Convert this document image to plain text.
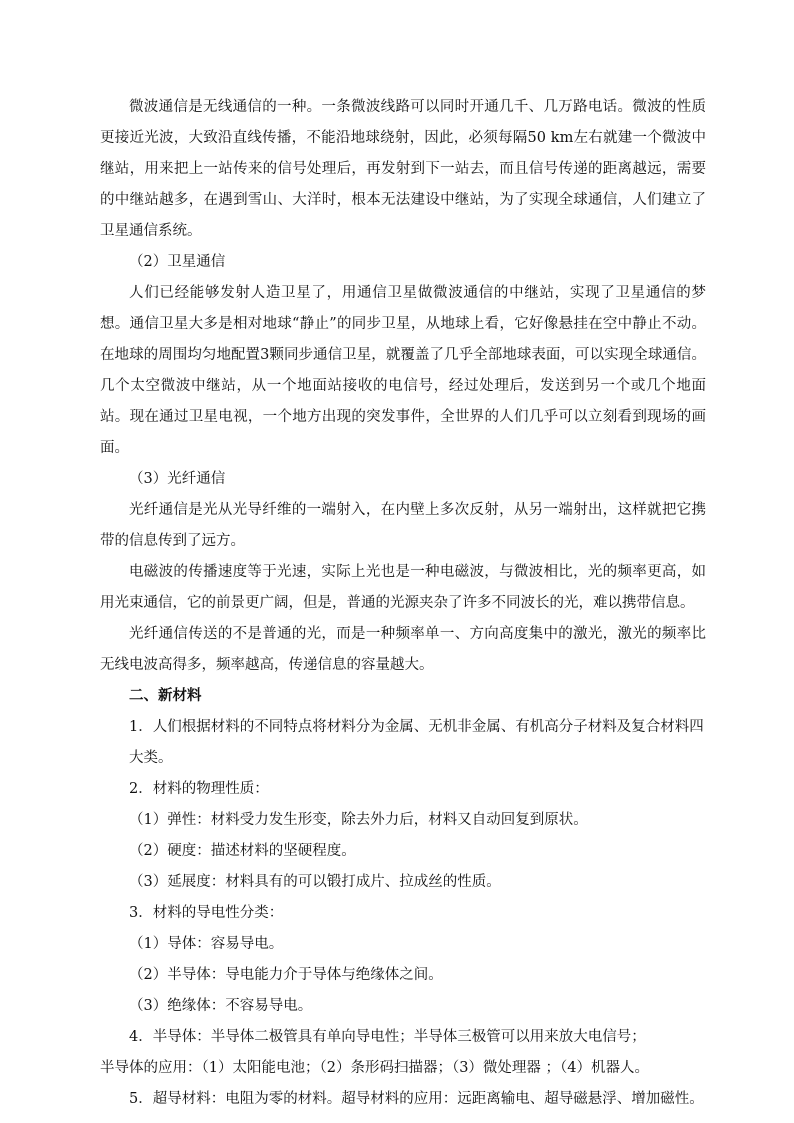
微波通信是无线通信的一种。一条微波线路可以同时开通几千、几万路电话。微波的性质更接近光波，大致沿直线传播，不能沿地球绕射，因此，必须每隔50 km左右就建一个微波中继站，用来把上一站传来的信号处理后，再发射到下一站去，而且信号传递的距离越远，需要的中继站越多，在遇到雪山、大洋时，根本无法建设中继站，为了实现全球通信，人们建立了卫星通信系统。

（2）卫星通信

人们已经能够发射人造卫星了，用通信卫星做微波通信的中继站，实现了卫星通信的梦想。通信卫星大多是相对地球“静止”的同步卫星，从地球上看，它好像悬挂在空中静止不动。在地球的周围均匀地配置3颗同步通信卫星，就覆盖了几乎全部地球表面，可以实现全球通信。几个太空微波中继站，从一个地面站接收的电信号，经过处理后，发送到另一个或几个地面站。现在通过卫星电视，一个地方出现的突发事件，全世界的人们几乎可以立刻看到现场的画面。

（3）光纤通信

光纤通信是光从光导纤维的一端射入，在内壁上多次反射，从另一端射出，这样就把它携带的信息传到了远方。

电磁波的传播速度等于光速，实际上光也是一种电磁波，与微波相比，光的频率更高，如用光束通信，它的前景更广阔，但是，普通的光源夹杂了许多不同波长的光，难以携带信息。

光纤通信传送的不是普通的光，而是一种频率单一、方向高度集中的激光，激光的频率比无线电波高得多，频率越高，传递信息的容量越大。

二、新材料

1．人们根据材料的不同特点将材料分为金属、无机非金属、有机高分子材料及复合材料四大类。

2．材料的物理性质：

（1）弹性：材料受力发生形变，除去外力后，材料又自动回复到原状。

（2）硬度：描述材料的坚硬程度。

（3）延展度：材料具有的可以锻打成片、拉成丝的性质。

3．材料的导电性分类：

（1）导体：容易导电。

（2）半导体：导电能力介于导体与绝缘体之间。

（3）绝缘体：不容易导电。

4．半导体：半导体二极管具有单向导电性；半导体三极管可以用来放大电信号；

半导体的应用：（1）太阳能电池；（2）条形码扫描器；（3）微处理器 ；（4）机器人。

5．超导材料：电阻为零的材料。超导材料的应用：远距离输电、超导磁悬浮、增加磁性。
